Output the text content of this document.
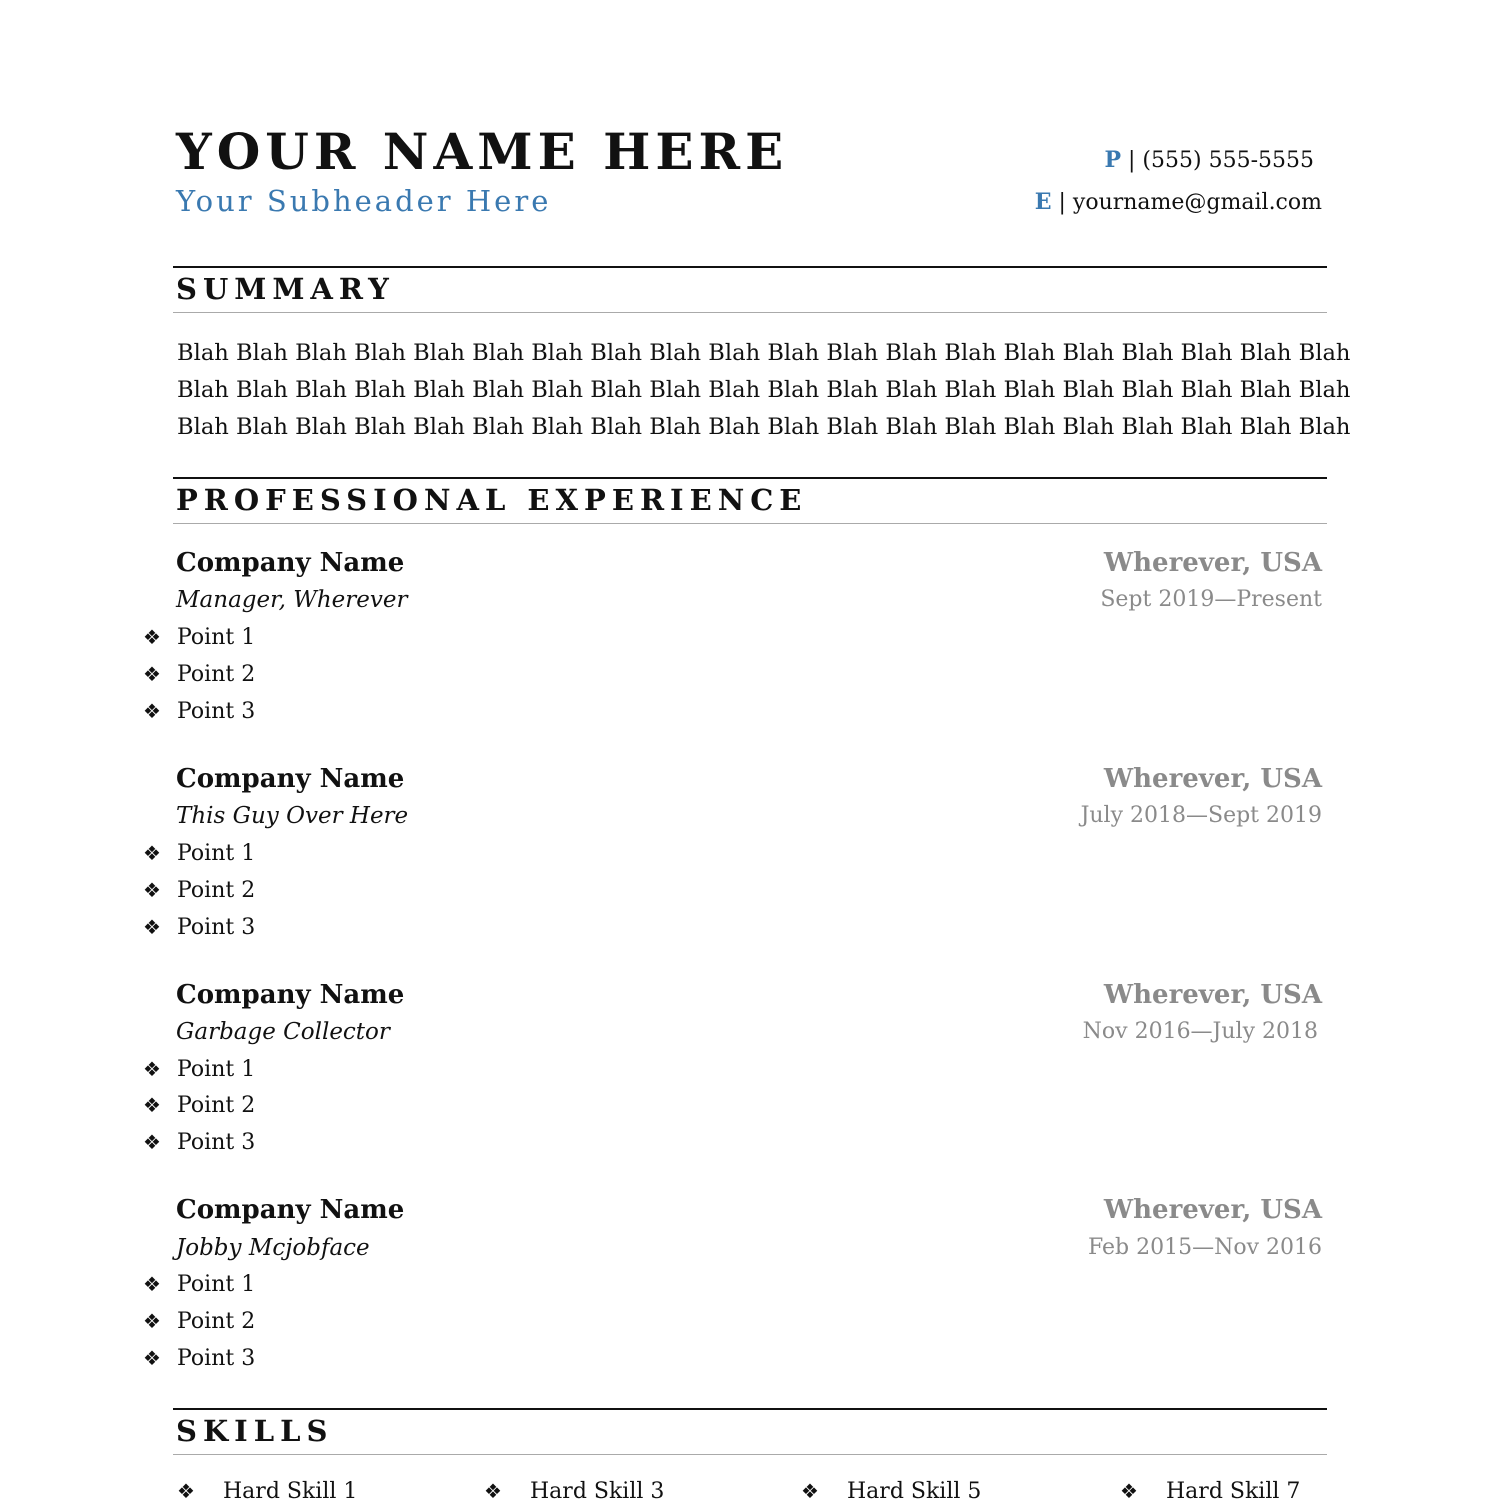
YOUR NAME HERE
Your Subheader Here
P | (555) 555-5555
E | yourname@gmail.com
SUMMARY
Blah Blah Blah Blah Blah Blah Blah Blah Blah Blah Blah Blah Blah Blah Blah Blah Blah Blah Blah Blah
Blah Blah Blah Blah Blah Blah Blah Blah Blah Blah Blah Blah Blah Blah Blah Blah Blah Blah Blah Blah
Blah Blah Blah Blah Blah Blah Blah Blah Blah Blah Blah Blah Blah Blah Blah Blah Blah Blah Blah Blah
PROFESSIONAL EXPERIENCE
Company Name	Wherever, USA
Manager, Wherever	Sept 2019—Present
❖ Point 1
❖ Point 2
❖ Point 3
Company Name	Wherever, USA
This Guy Over Here	July 2018—Sept 2019
❖ Point 1
❖ Point 2
❖ Point 3
Company Name	Wherever, USA
Garbage Collector	Nov 2016—July 2018
❖ Point 1
❖ Point 2
❖ Point 3
Company Name	Wherever, USA
Jobby Mcjobface	Feb 2015—Nov 2016
❖ Point 1
❖ Point 2
❖ Point 3
SKILLS
❖ Hard Skill 1	❖ Hard Skill 3	❖ Hard Skill 5	❖ Hard Skill 7
